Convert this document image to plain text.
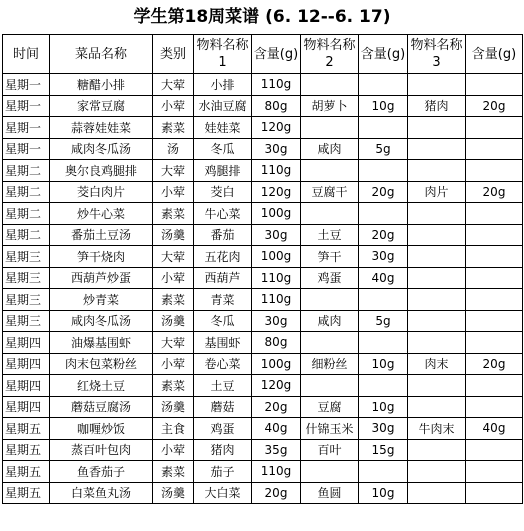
学生第18周菜谱 (6. 12--6. 17)
时间	菜品名称	类别	物料名称1	含量(g)	物料名称2	含量(g)	物料名称3	含量(g)
星期一	糖醋小排	大荤	小排	110g				
星期一	家常豆腐	小荤	水油豆腐	80g	胡萝卜	10g	猪肉	20g
星期一	蒜蓉娃娃菜	素菜	娃娃菜	120g				
星期一	咸肉冬瓜汤	汤	冬瓜	30g	咸肉	5g		
星期二	奥尔良鸡腿排	大荤	鸡腿排	110g				
星期二	茭白肉片	小荤	茭白	120g	豆腐干	20g	肉片	20g
星期二	炒牛心菜	素菜	牛心菜	100g				
星期二	番茄土豆汤	汤羹	番茄	30g	土豆	20g		
星期三	笋干烧肉	大荤	五花肉	100g	笋干	30g		
星期三	西葫芦炒蛋	小荤	西葫芦	110g	鸡蛋	40g		
星期三	炒青菜	素菜	青菜	110g				
星期三	咸肉冬瓜汤	汤羹	冬瓜	30g	咸肉	5g		
星期四	油爆基围虾	大荤	基围虾	80g				
星期四	肉末包菜粉丝	小荤	卷心菜	100g	细粉丝	10g	肉末	20g
星期四	红烧土豆	素菜	土豆	120g				
星期四	蘑菇豆腐汤	汤羹	蘑菇	20g	豆腐	10g		
星期五	咖喱炒饭	主食	鸡蛋	40g	什锦玉米	30g	牛肉末	40g
星期五	蒸百叶包肉	小荤	猪肉	35g	百叶	15g		
星期五	鱼香茄子	素菜	茄子	110g				
星期五	白菜鱼丸汤	汤羹	大白菜	20g	鱼圆	10g		
